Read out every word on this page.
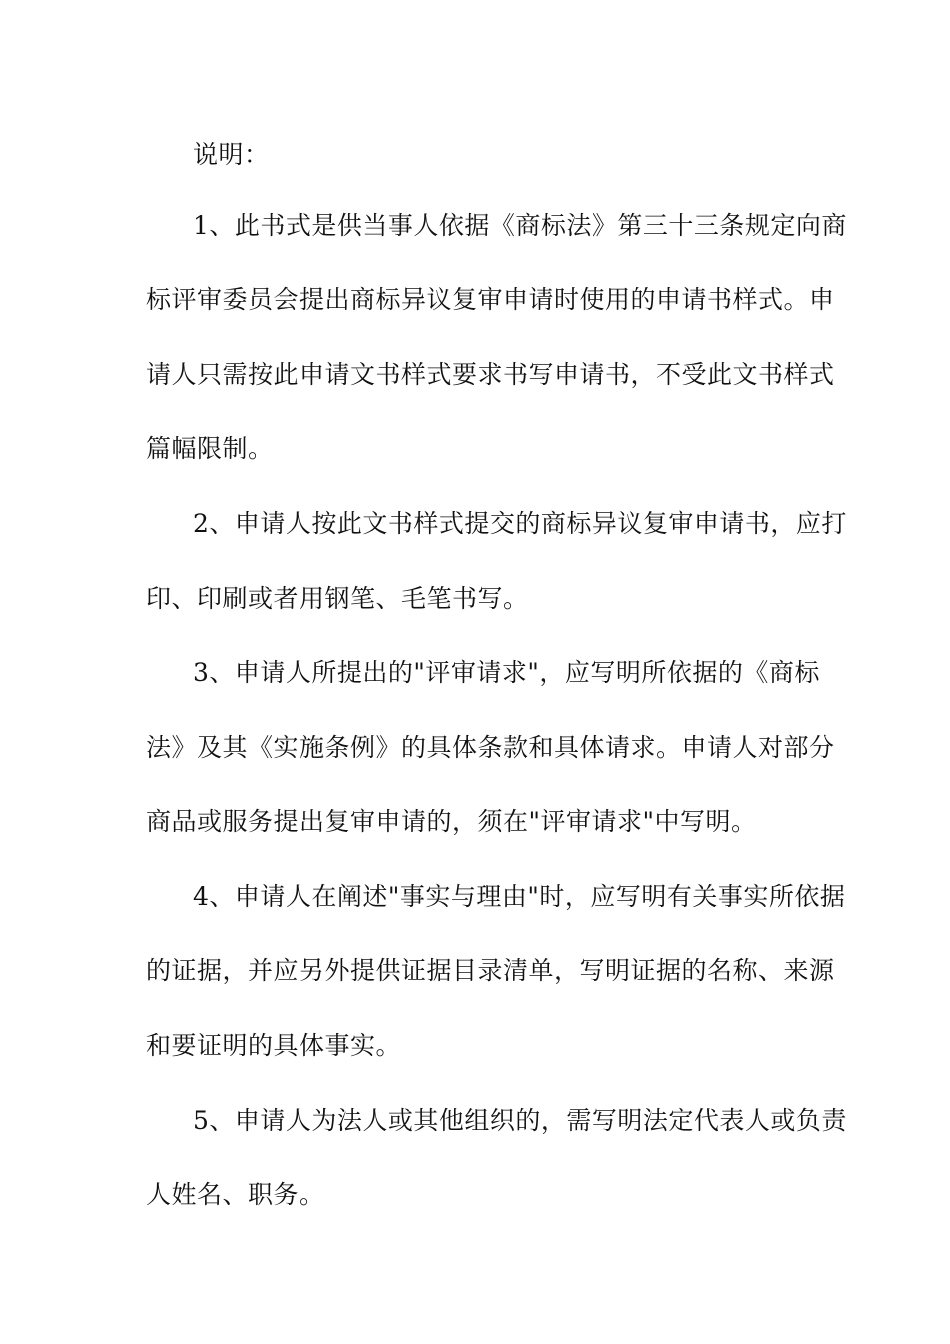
说明：
1、此书式是供当事人依据《商标法》第三十三条规定向商
标评审委员会提出商标异议复审申请时使用的申请书样式。申
请人只需按此申请文书样式要求书写申请书，不受此文书样式
篇幅限制。
2、申请人按此文书样式提交的商标异议复审申请书，应打
印、印刷或者用钢笔、毛笔书写。
3、申请人所提出的"评审请求"，应写明所依据的《商标
法》及其《实施条例》的具体条款和具体请求。申请人对部分
商品或服务提出复审申请的，须在"评审请求"中写明。
4、申请人在阐述"事实与理由"时，应写明有关事实所依据
的证据，并应另外提供证据目录清单，写明证据的名称、来源
和要证明的具体事实。
5、申请人为法人或其他组织的，需写明法定代表人或负责
人姓名、职务。
